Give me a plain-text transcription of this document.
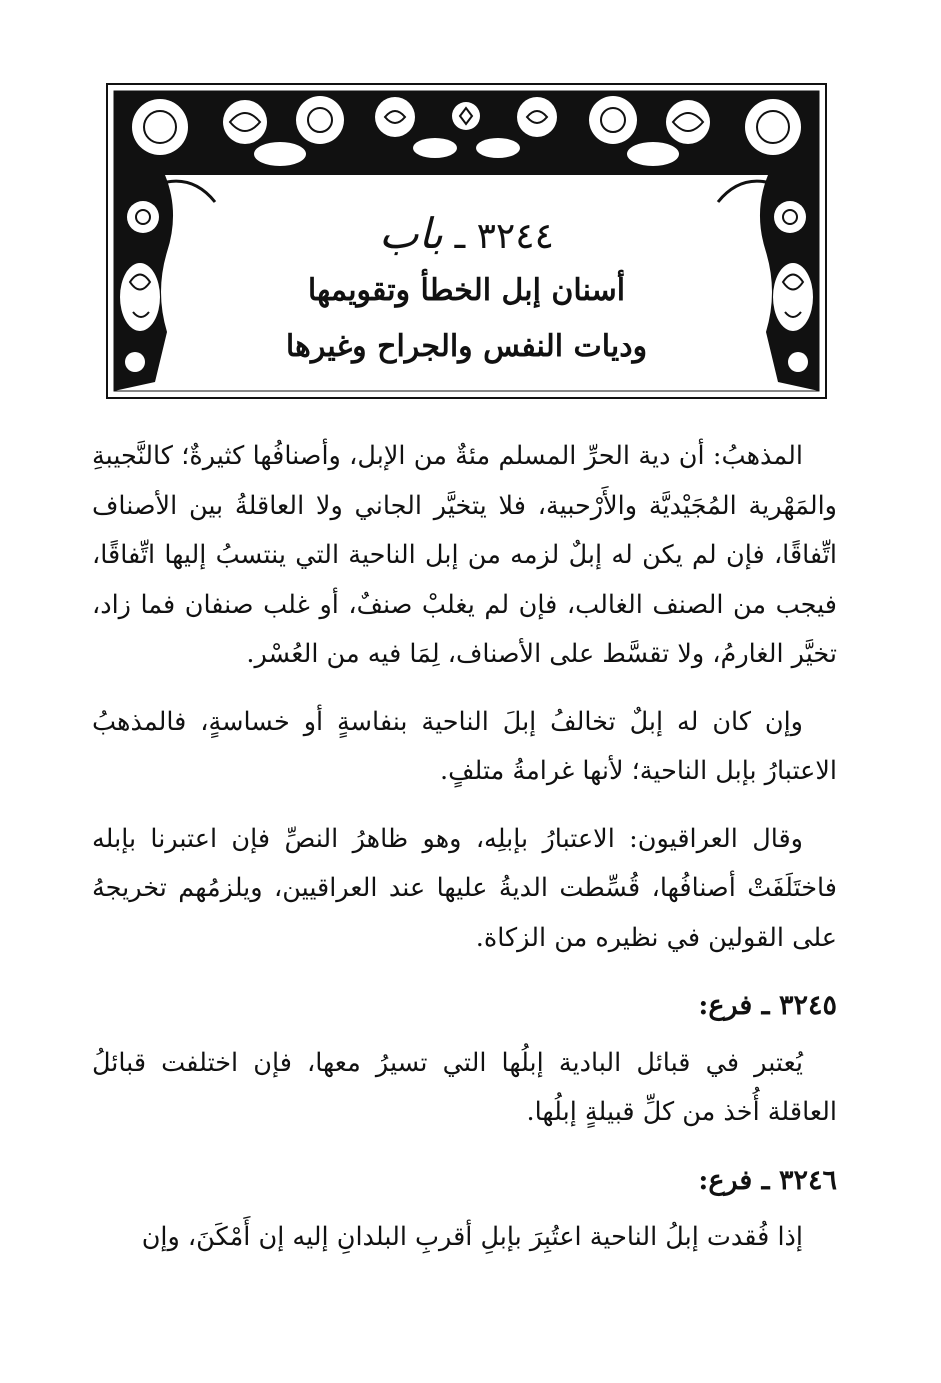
٣٢٤٤ ـ باب
أسنان إبل الخطأ وتقويمها
وديات النفس والجراح وغيرها

المذهبُ: أن دية الحرِّ المسلم مئةٌ من الإبل، وأصنافُها كثيرةٌ؛ كالنَّجيبةِ والمَهْرية المُجَيْديَّة والأَرْحبية، فلا يتخيَّر الجاني ولا العاقلةُ بين الأصناف اتِّفاقًا، فإن لم يكن له إبلٌ لزمه من إبل الناحية التي ينتسبُ إليها اتِّفاقًا، فيجب من الصنف الغالب، فإن لم يغلبْ صنفٌ، أو غلب صنفان فما زاد، تخيَّر الغارمُ، ولا تقسَّط على الأصناف، لِمَا فيه من العُسْر.

وإن كان له إبلٌ تخالفُ إبلَ الناحية بنفاسةٍ أو خساسةٍ، فالمذهبُ الاعتبارُ بإبل الناحية؛ لأنها غرامةُ متلفٍ.

وقال العراقيون: الاعتبارُ بإبلِه، وهو ظاهرُ النصِّ فإن اعتبرنا بإبله فاختَلَفَتْ أصنافُها، قُسِّطت الديةُ عليها عند العراقيين، ويلزمُهم تخريجهُ على القولين في نظيره من الزكاة.

٣٢٤٥ ـ فرع:

يُعتبر في قبائل البادية إبلُها التي تسيرُ معها، فإن اختلفت قبائلُ العاقلة أُخذ من كلِّ قبيلةٍ إبلُها.

٣٢٤٦ ـ فرع:

إذا فُقدت إبلُ الناحية اعتُبِرَ بإبلِ أقربِ البلدانِ إليه إن أَمْكَنَ، وإن
